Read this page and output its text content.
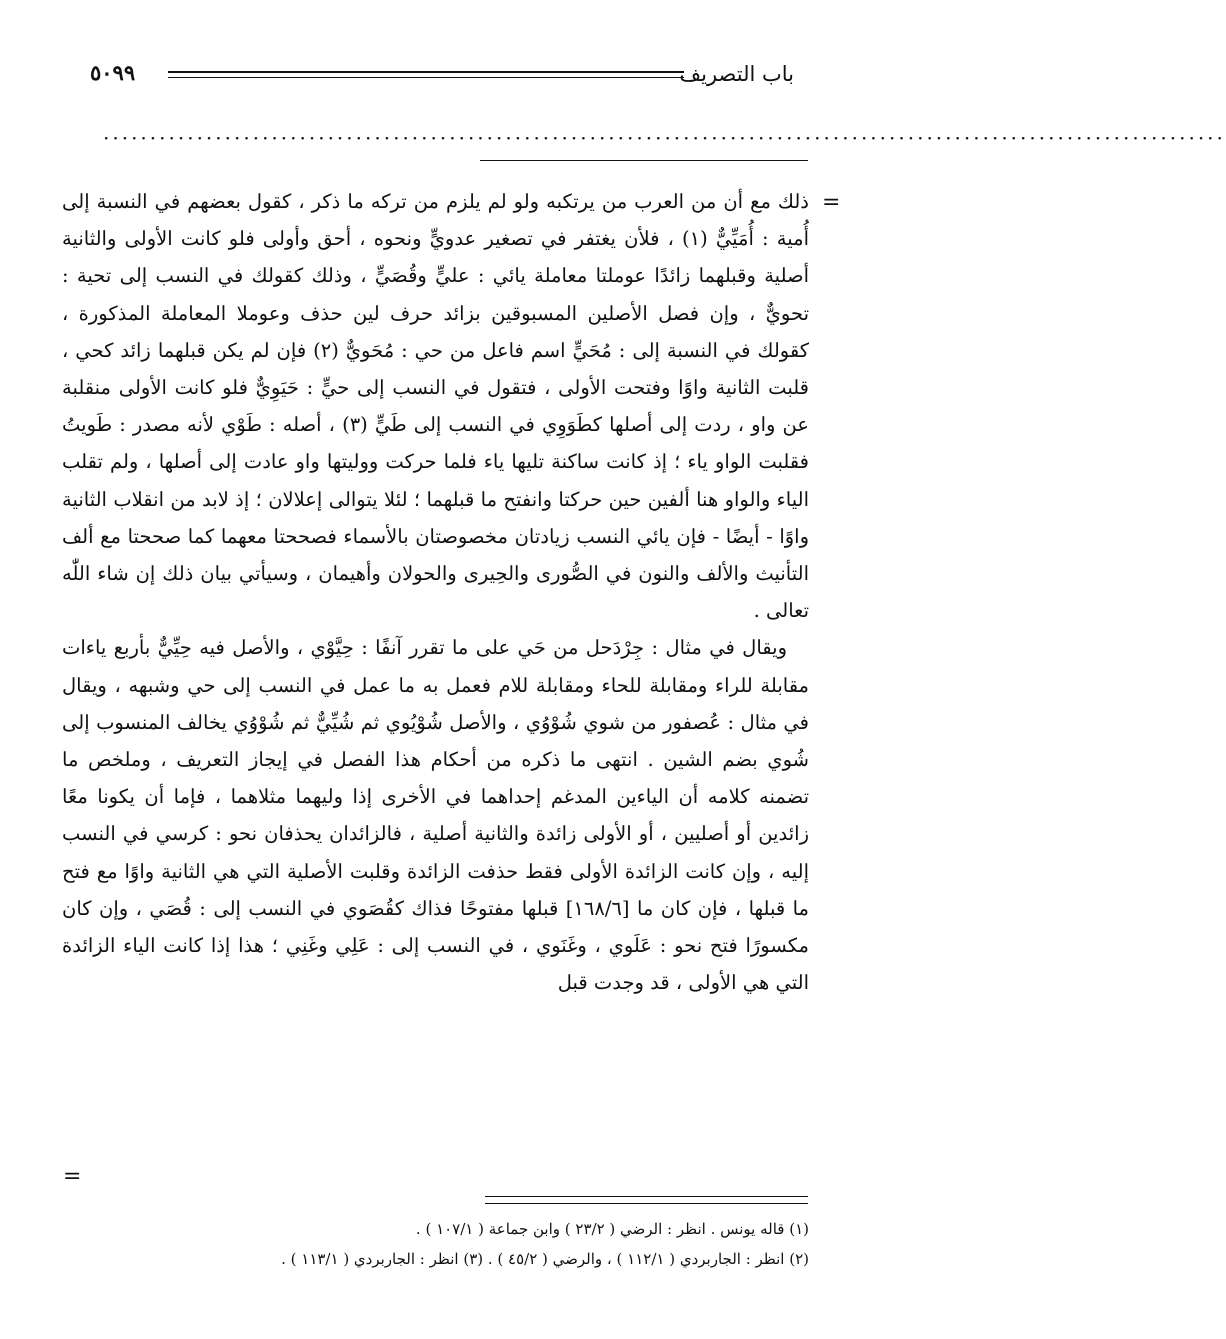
باب التصريف
٥٠٩٩
························································································································
=

ذلك مع أن من العرب من يرتكبه ولو لم يلزم من تركه ما ذكر ، كقول بعضهم في النسبة إلى أُمية : أُمَيِّيٌّ (١) ، فلأن يغتفر في تصغير عدويٍّ ونحوه ، أحق وأولى فلو كانت الأولى والثانية أصلية وقبلهما زائدًا عوملتا معاملة يائي : عليٍّ وقُصَيٍّ ، وذلك كقولك في النسب إلى تحية : تحويٌّ ، وإن فصل الأصلين المسبوقين بزائد حرف لين حذف وعوملا المعاملة المذكورة ، كقولك في النسبة إلى : مُحَيٍّ اسم فاعل من حي : مُحَويٌّ (٢) فإن لم يكن قبلهما زائد كحي ، قلبت الثانية واوًا وفتحت الأولى ، فتقول في النسب إلى حيٍّ : حَيَوِيٌّ فلو كانت الأولى منقلبة عن واو ، ردت إلى أصلها كطَوَوِي في النسب إلى طَيٍّ (٣) ، أصله : طَوْي لأنه مصدر : طَويتُ فقلبت الواو ياء ؛ إذ كانت ساكنة تليها ياء فلما حركت ووليتها واو عادت إلى أصلها ، ولم تقلب الياء والواو هنا ألفين حين حركتا وانفتح ما قبلهما ؛ لئلا يتوالى إعلالان ؛ إذ لابد من انقلاب الثانية واوًا - أيضًا - فإن يائي النسب زيادتان مخصوصتان بالأسماء فصححتا معهما كما صححتا مع ألف التأنيث والألف والنون في الصُّورى والحِيرى والحولان وأهيمان ، وسيأتي بيان ذلك إن شاء اللّٰه تعالى .

ويقال في مثال : جِرْدَحل من حَي على ما تقرر آنفًا : حِيَّوْي ، والأصل فيه حِيِّيٌّ بأربع ياءات مقابلة للراء ومقابلة للحاء ومقابلة للام فعمل به ما عمل في النسب إلى حي وشبهه ، ويقال في مثال : عُصفور من شوي شُوْوُي ، والأصل شُوْيُوي ثم شُيِّيٌّ ثم شُوْوُي يخالف المنسوب إلى شُوي بضم الشين . انتهى ما ذكره من أحكام هذا الفصل في إيجاز التعريف ، وملخص ما تضمنه كلامه أن الياءين المدغم إحداهما في الأخرى إذا وليهما مثلاهما ، فإما أن يكونا معًا زائدين أو أصليين ، أو الأولى زائدة والثانية أصلية ، فالزائدان يحذفان نحو : كرسي في النسب إليه ، وإن كانت الزائدة الأولى فقط حذفت الزائدة وقلبت الأصلية التي هي الثانية واوًا مع فتح ما قبلها ، فإن كان ما [١٦٨/٦] قبلها مفتوحًا فذاك كقُصَوي في النسب إلى : قُصَي ، وإن كان مكسورًا فتح نحو : عَلَوي ، وغَنَوي ، في النسب إلى : عَلِي وغَنِي ؛ هذا إذا كانت الياء الزائدة التي هي الأولى ، قد وجدت قبل

=

(١) قاله يونس . انظر : الرضي ( ٢٣/٢ ) وابن جماعة ( ١٠٧/١ ) .

(٢) انظر : الجاربردي ( ١١٢/١ ) ، والرضي ( ٤٥/٢ ) . (٣) انظر : الجاربردي ( ١١٣/١ ) .
